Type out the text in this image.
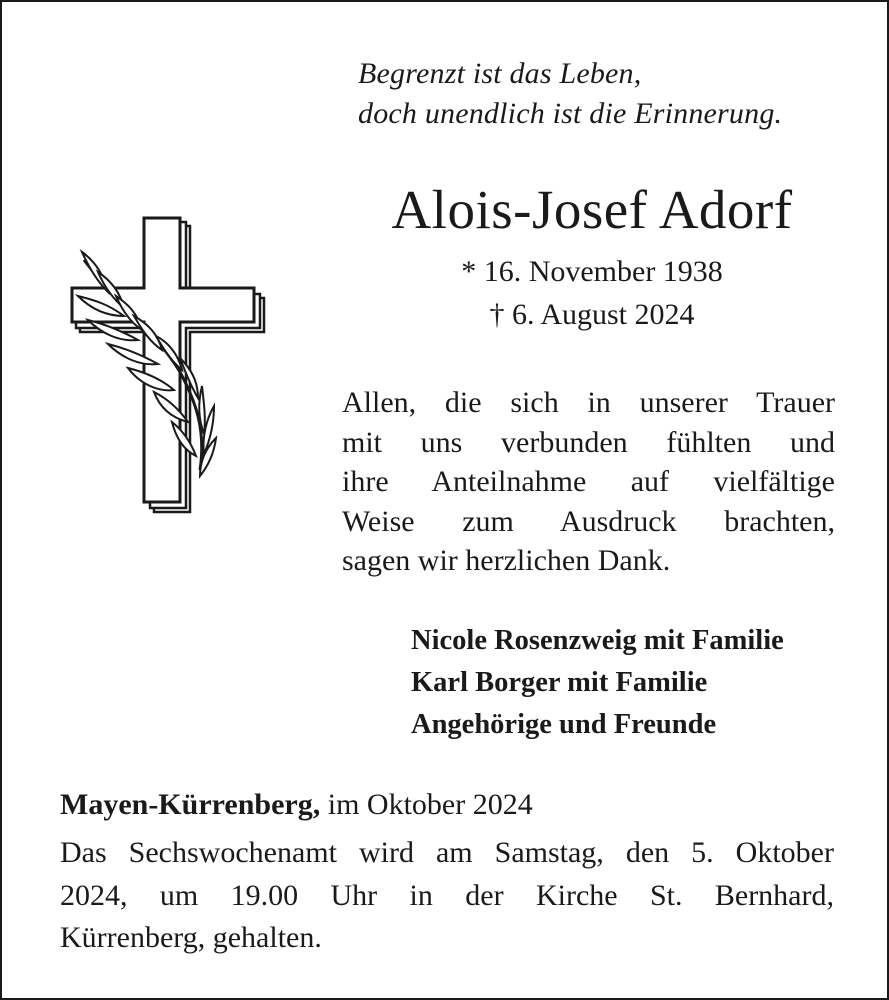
Begrenzt ist das Leben,
doch unendlich ist die Erinnerung.
Alois-Josef Adorf
* 16. November 1938
† 6. August 2024
Allen, die sich in unserer Trauer
mit uns verbunden fühlten und
ihre Anteilnahme auf vielfältige
Weise zum Ausdruck brachten,
sagen wir herzlichen Dank.
Nicole Rosenzweig mit Familie
Karl Borger mit Familie
Angehörige und Freunde
Mayen-Kürrenberg, im Oktober 2024
Das Sechswochenamt wird am Samstag, den 5. Oktober
2024, um 19.00 Uhr in der Kirche St. Bernhard,
Kürrenberg, gehalten.
